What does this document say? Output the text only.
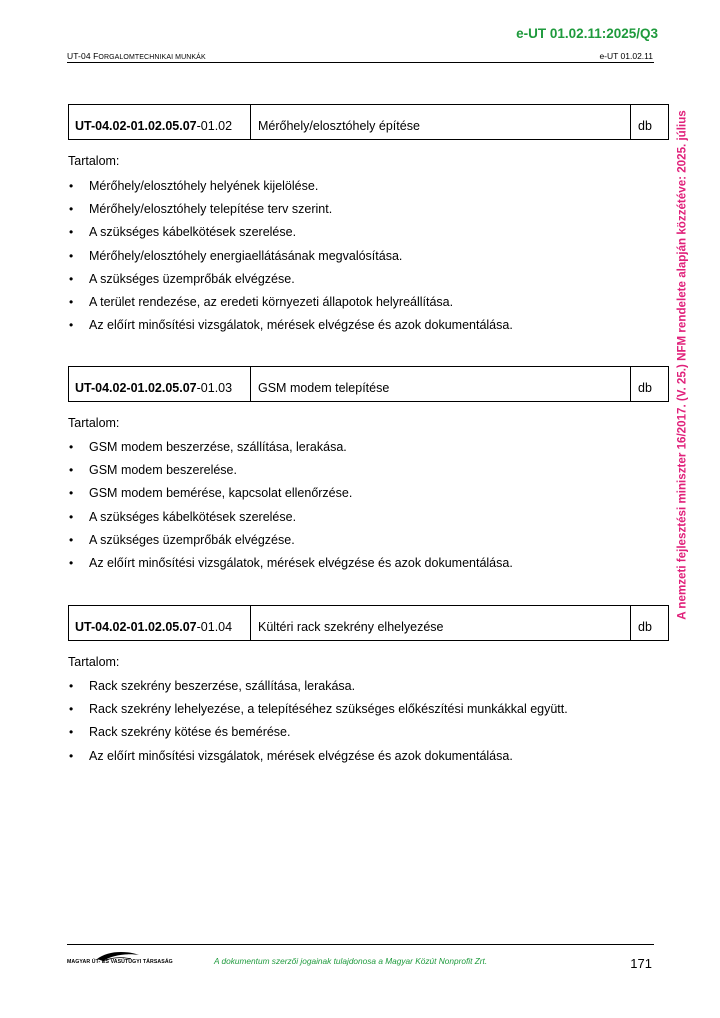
e-UT 01.02.11:2025/Q3
UT-04 FORGALOMTECHNIKAI MUNKÁK	e-UT 01.02.11
A nemzeti fejlesztési miniszter 16/2017. (V. 25.) NFM rendelete alapján közzétéve: 2025. július
UT-04.02-01.02.05.07 -01.02	Mérőhely/elosztóhely építése	db
Tartalom:
• Mérőhely/elosztóhely helyének kijelölése.
• Mérőhely/elosztóhely telepítése terv szerint.
• A szükséges kábelkötések szerelése.
• Mérőhely/elosztóhely energiaellátásának megvalósítása.
• A szükséges üzemprőbák elvégzése.
• A terület rendezése, az eredeti környezeti állapotok helyreállítása.
• Az előírt minősítési vizsgálatok, mérések elvégzése és azok dokumentálása.
UT-04.02-01.02.05.07 -01.03	GSM modem telepítése	db
Tartalom:
• GSM modem beszerzése, szállítása, lerakása.
• GSM modem beszerelése.
• GSM modem bemérése, kapcsolat ellenőrzése.
• A szükséges kábelkötések szerelése.
• A szükséges üzemprőbák elvégzése.
• Az előírt minősítési vizsgálatok, mérések elvégzése és azok dokumentálása.
UT-04.02-01.02.05.07 -01.04	Kültéri rack szekrény elhelyezése	db
Tartalom:
• Rack szekrény beszerzése, szállítása, lerakása.
• Rack szekrény lehelyezése, a telepítéséhez szükséges előkészítési munkákkal együtt.
• Rack szekrény kötése és bemérése.
• Az előírt minősítési vizsgálatok, mérések elvégzése és azok dokumentálása.
MAGYAR ÚT- ÉS VASÚTÜGYI TÁRSASÁG	A dokumentum szerzői jogainak tulajdonosa a Magyar Közút Nonprofit Zrt.	171
